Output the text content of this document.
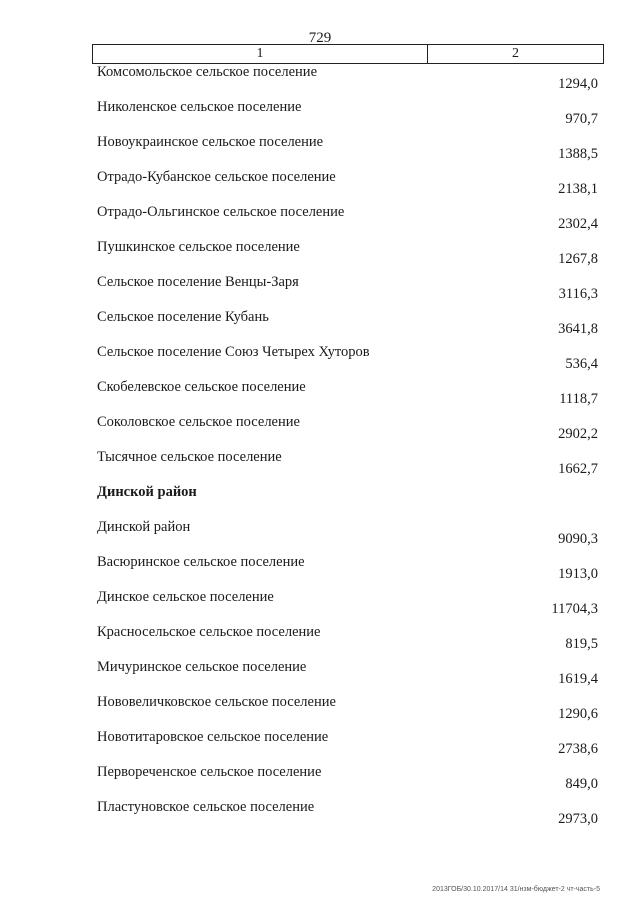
729
1	2
Комсомольское сельское поселение
1294,0
Николенское сельское поселение
970,7
Новоукраинское сельское поселение
1388,5
Отрадо-Кубанское сельское поселение
2138,1
Отрадо-Ольгинское сельское поселение
2302,4
Пушкинское сельское поселение
1267,8
Сельское поселение Венцы-Заря
3116,3
Сельское поселение Кубань
3641,8
Сельское поселение Союз Четырех Хуторов
536,4
Скобелевское сельское поселение
1118,7
Соколовское сельское поселение
2902,2
Тысячное сельское поселение
1662,7
Динской район
Динской район
9090,3
Васюринское сельское поселение
1913,0
Динское сельское поселение
11704,3
Красносельское сельское поселение
819,5
Мичуринское сельское поселение
1619,4
Нововеличковское сельское поселение
1290,6
Новотитаровское сельское поселение
2738,6
Первореченское сельское поселение
849,0
Пластуновское сельское поселение
2973,0
2013ГОБ/30.10.2017/14 31/нзм-бюджет-2 чт-часть-5
